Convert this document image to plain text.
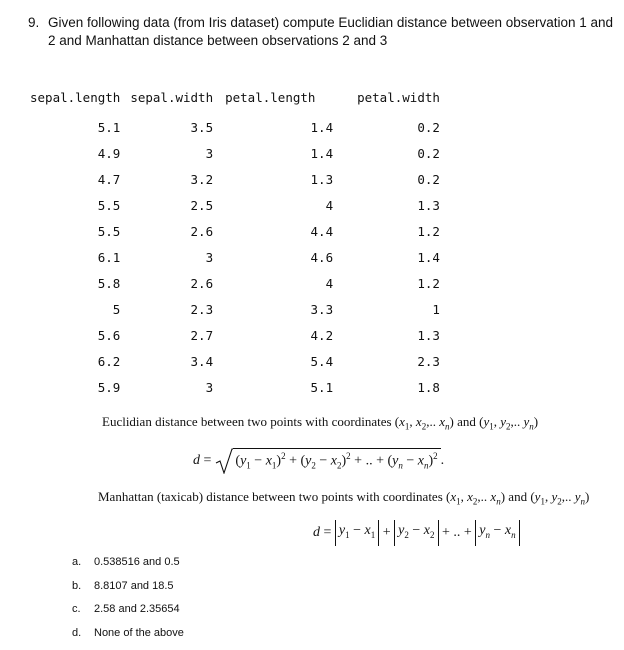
9. Given following data (from Iris dataset) compute Euclidian distance between observation 1 and 2 and Manhattan distance between observations 2 and 3
sepal.length	sepal.width	petal.length	petal.width
5.1	3.5	1.4	0.2
4.9	3	1.4	0.2
4.7	3.2	1.3	0.2
5.5	2.5	4	1.3
5.5	2.6	4.4	1.2
6.1	3	4.6	1.4
5.8	2.6	4	1.2
5	2.3	3.3	1
5.6	2.7	4.2	1.3
6.2	3.4	5.4	2.3
5.9	3	5.1	1.8
Euclidian distance between two points with coordinates ($x_1$, $x_2$,.. $x_n$) and ($y_1$, $y_2$,.. $y_n$)
$d = (y_1 - x_1)^2 + (y_2 - x_2)^2$ + .. + $(y_n - x_n)^2$ .
Manhattan (taxicab) distance between two points with coordinates ($x_1$, $x_2$,.. $x_n$) and ($y_1$, $y_2$,.. $y_n$)
$d = y_1 - x_1 + y_2 - x_2$ + .. + $y_n - x_n$
a.	0.538516 and 0.5
b.	8.8107 and 18.5
c.	2.58 and 2.35654
d.	None of the above
